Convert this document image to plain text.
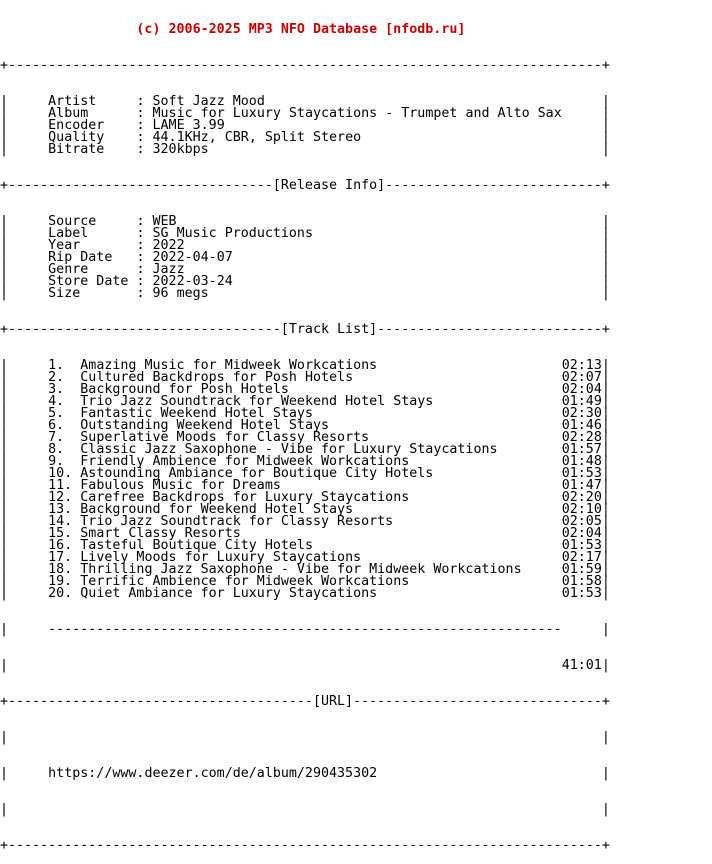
(c) 2006-2025 MP3 NFO Database [nfodb.ru]

+--------------------------------------------------------------------------+

|     Artist     : Soft Jazz Mood                                          |
|     Album      : Music for Luxury Staycations - Trumpet and Alto Sax     |
|     Encoder    : LAME 3.99                                               |
|     Quality    : 44.1KHz, CBR, Split Stereo                              |
|     Bitrate    : 320kbps                                                 |

+---------------------------------[Release Info]---------------------------+

|     Source     : WEB                                                     |
|     Label      : SG Music Productions                                    |
|     Year       : 2022                                                    |
|     Rip Date   : 2022-04-07                                              |
|     Genre      : Jazz                                                    |
|     Store Date : 2022-03-24                                              |
|     Size       : 96 megs                                                 |

+----------------------------------[Track List]----------------------------+

|     1.  Amazing Music for Midweek Workcations	02:13|
|     2.  Cultured Backdrops for Posh Hotels	02:07|
|     3.  Background for Posh Hotels	02:04|
|     4.  Trio Jazz Soundtrack for Weekend Hotel Stays	01:49|
|     5.  Fantastic Weekend Hotel Stays	02:30|
|     6.  Outstanding Weekend Hotel Stays	01:46|
|     7.  Superlative Moods for Classy Resorts	02:28|
|     8.  Classic Jazz Saxophone - Vibe for Luxury Staycations	01:57|
|     9.  Friendly Ambience for Midweek Workcations	01:48|
|     10. Astounding Ambiance for Boutique City Hotels	01:53|
|     11. Fabulous Music for Dreams	01:47|
|     12. Carefree Backdrops for Luxury Staycations	02:20|
|     13. Background for Weekend Hotel Stays	02:10|
|     14. Trio Jazz Soundtrack for Classy Resorts	02:05|
|     15. Smart Classy Resorts	02:04|
|     16. Tasteful Boutique City Hotels	01:53|
|     17. Lively Moods for Luxury Staycations	02:17|
|     18. Thrilling Jazz Saxophone - Vibe for Midweek Workcations	01:59|
|     19. Terrific Ambience for Midweek Workcations	01:58|
|     20. Quiet Ambiance for Luxury Staycations	01:53|

|     ----------------------------------------------------------------     |

|                                                                     41:01|

+--------------------------------------[URL]-------------------------------+

|                                                                          |

|     https://www.deezer.com/de/album/290435302                            |

|                                                                          |

+--------------------------------------------------------------------------+
